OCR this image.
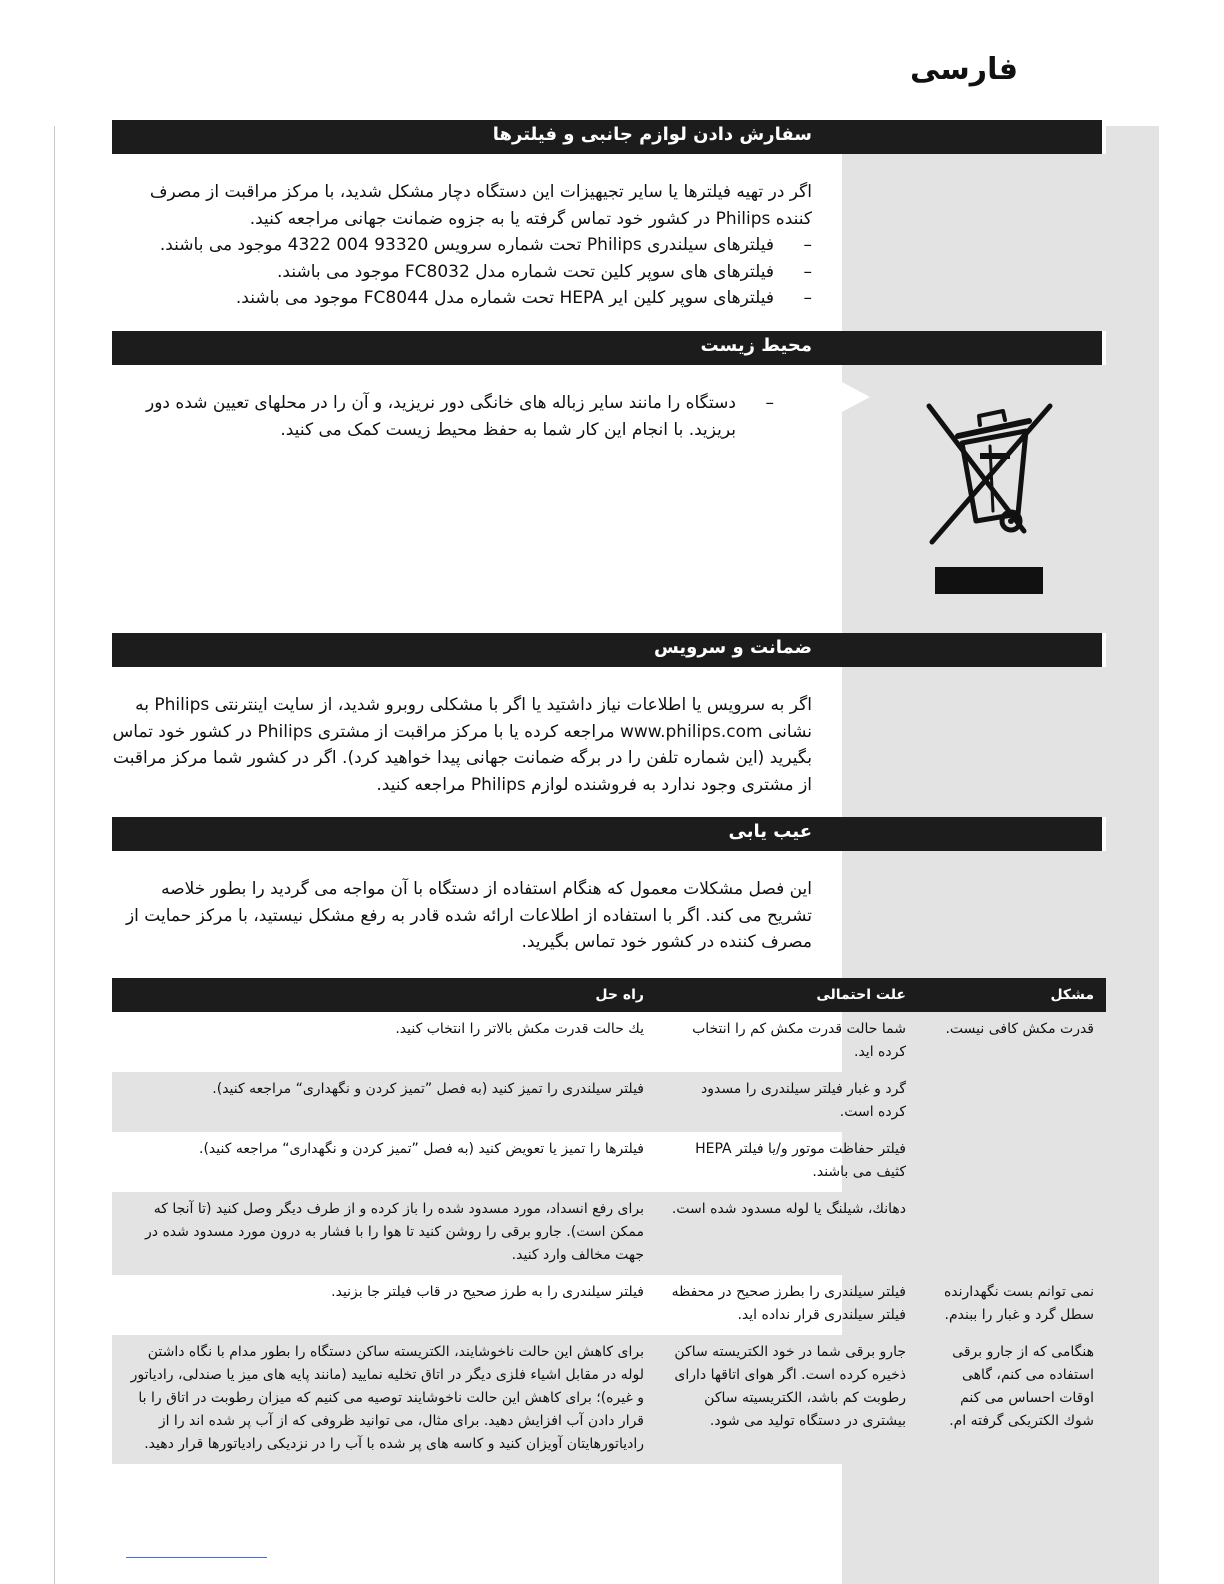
فارسی
سفارش دادن لوازم جانبی و فیلترها

اگر در تهیه فیلترها یا سایر تجیهیزات این دستگاه دچار مشکل شدید، با مرکز مراقبت از مصرف کننده Philips در کشور خود تماس گرفته یا به جزوه ضمانت جهانی مراجعه کنید.

– فیلترهای سیلندری Philips تحت شماره سرویس 93320 004 4322 موجود می باشند.
– فیلترهای های سوپر کلین تحت شماره مدل FC8032 موجود می باشند.
– فیلترهای سوپر کلین ایر HEPA تحت شماره مدل FC8044 موجود می باشند.
محیط زیست
– دستگاه را مانند سایر زباله های خانگی دور نریزید، و آن را در محلهای تعیین شده دور بریزید. با انجام این کار شما به حفظ محیط زیست کمک می کنید.
ضمانت و سرویس

اگر به سرویس یا اطلاعات نیاز داشتید یا اگر با مشکلی روبرو شدید، از سایت اینترنتی Philips به نشانی www.philips.com مراجعه کرده یا با مرکز مراقبت از مشتری Philips در کشور خود تماس بگیرید (این شماره تلفن را در برگه ضمانت جهانی پیدا خواهید کرد). اگر در کشور شما مرکز مراقبت از مشتری وجود ندارد به فروشنده لوازم Philips مراجعه کنید.

عیب یابی

این فصل مشکلات معمول که هنگام استفاده از دستگاه با آن مواجه می گردید را بطور خلاصه تشریح می کند. اگر با استفاده از اطلاعات ارائه شده قادر به رفع مشکل نیستید، با مرکز حمایت از مصرف کننده در کشور خود تماس بگیرید.

مشکل	علت احتمالی	راه حل
قدرت مکش کافی نیست.	شما حالت قدرت مکش کم را انتخاب کرده اید.	یك حالت قدرت مکش بالاتر را انتخاب کنید.
	گرد و غبار فیلتر سیلندری را مسدود کرده است.	فیلتر سیلندری را تمیز کنید (به فصل ”تمیز کردن و نگهداری“ مراجعه کنید).
	فیلتر حفاظت موتور و/یا فیلتر HEPA کثیف می باشند.	فیلترها را تمیز یا تعویض کنید (به فصل ”تمیز کردن و نگهداری“ مراجعه کنید).
	دهانك، شیلنگ یا لوله مسدود شده است.	برای رفع انسداد، مورد مسدود شده را باز کرده و از طرف دیگر وصل کنید (تا آنجا که ممکن است). جارو برقی را روشن کنید تا هوا را با فشار به درون مورد مسدود شده در جهت مخالف وارد کنید.
نمی توانم بست نگهدارنده سطل گرد و غبار را ببندم.	فیلتر سیلندری را بطرز صحیح در محفظه فیلتر سیلندری قرار نداده اید.	فیلتر سیلندری را به طرز صحیح در قاب فیلتر جا بزنید.
هنگامی که از جارو برقی استفاده می کنم، گاهی اوقات احساس می کنم شوك الکتریکی گرفته ام.	جارو برقی شما در خود الکتریسته ساکن ذخیره کرده است. اگر هوای اتاقها دارای رطوبت کم باشد، الکتریسیته ساکن بیشتری در دستگاه تولید می شود.	برای کاهش این حالت ناخوشایند، الکتریسته ساکن دستگاه را بطور مدام با نگاه داشتن لوله در مقابل اشیاء فلزی دیگر در اتاق تخلیه نمایید (مانند پایه های میز یا صندلی، رادیاتور و غیره)؛ برای کاهش این حالت ناخوشایند توصیه می کنیم که میزان رطوبت در اتاق را با قرار دادن آب افزایش دهید. برای مثال، می توانید ظروفی که از آب پر شده اند را از رادیاتورهایتان آویزان کنید و کاسه های پر شده با آب را در نزدیکی رادیاتورها قرار دهید.
